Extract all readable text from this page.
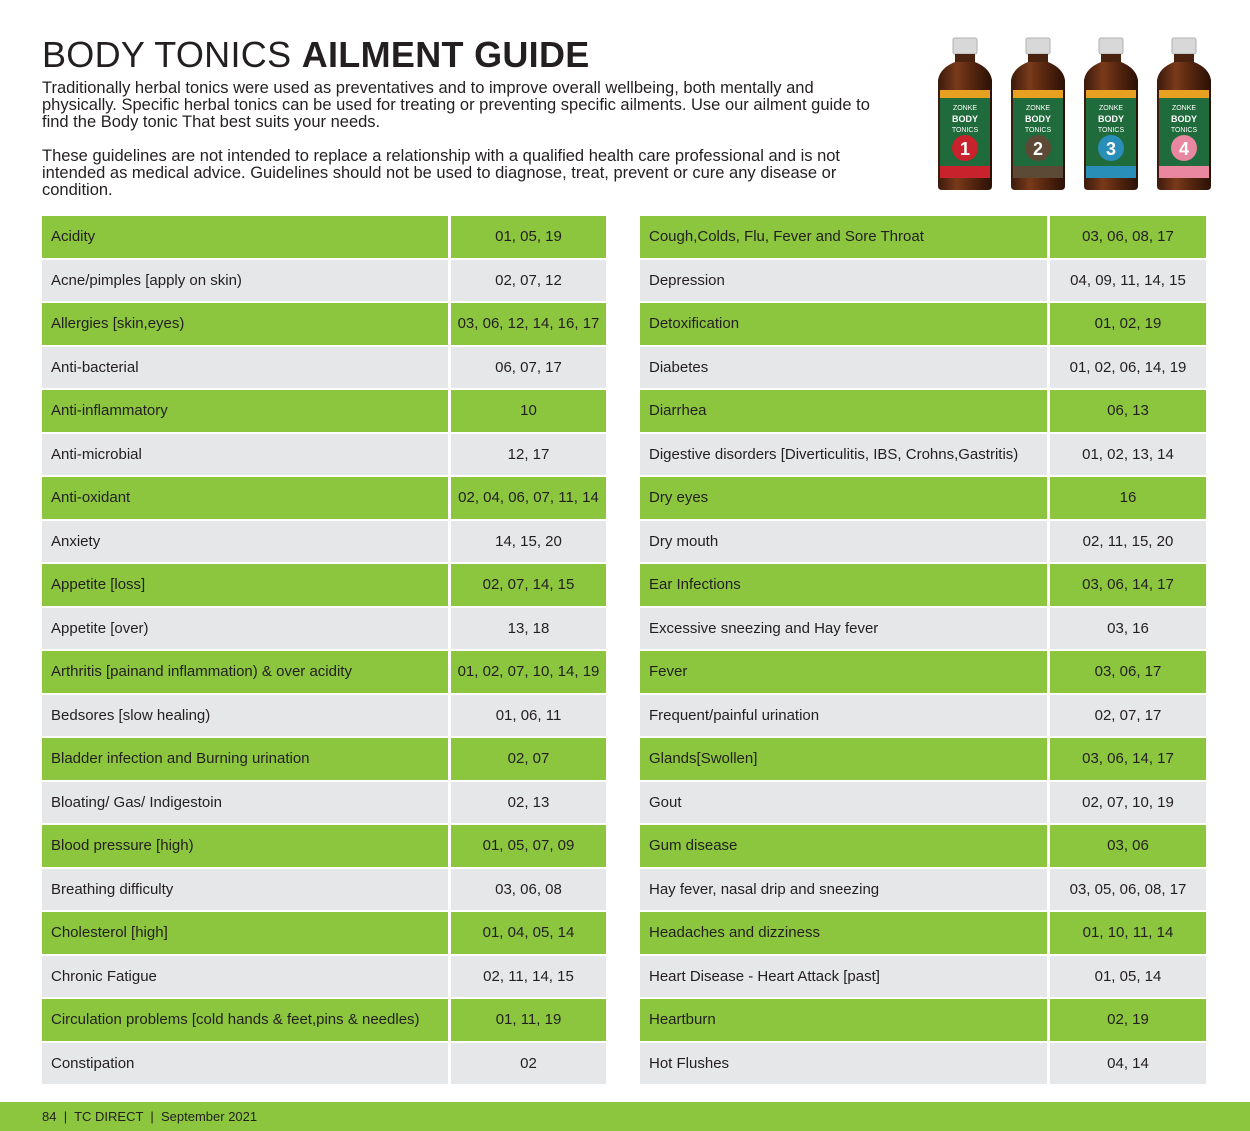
BODY TONICS AILMENT GUIDE

Traditionally herbal tonics were used as preventatives and to improve overall wellbeing, both mentally and physically. Specific herbal tonics can be used for treating or preventing specific ailments. Use our ailment guide to find the Body tonic That best suits your needs.

These guidelines are not intended to replace a relationship with a qualified health care professional and is not intended as medical advice. Guidelines should not be used to diagnose, treat, prevent or cure any disease or condition.

ZONKE
BODY
TONICS
1
ZONKE
BODY
TONICS
2
ZONKE
BODY
TONICS
3
ZONKE
BODY
TONICS
4
Acidity	01, 05, 19
Acne/pimples [apply on skin)	02, 07, 12
Allergies [skin,eyes)	03, 06, 12, 14, 16, 17
Anti-bacterial	06, 07, 17
Anti-inflammatory	10
Anti-microbial	12, 17
Anti-oxidant	02, 04, 06, 07, 11, 14
Anxiety	14, 15, 20
Appetite [loss]	02, 07, 14, 15
Appetite [over)	13, 18
Arthritis [painand inflammation) & over acidity	01, 02, 07, 10, 14, 19
Bedsores [slow healing)	01, 06, 11
Bladder infection and Burning urination	02, 07
Bloating/ Gas/ Indigestoin	02, 13
Blood pressure [high)	01, 05, 07, 09
Breathing difficulty	03, 06, 08
Cholesterol [high]	01, 04, 05, 14
Chronic Fatigue	02, 11, 14, 15
Circulation problems [cold hands & feet,pins & needles)	01, 11, 19
Constipation	02
Cough,Colds, Flu, Fever and Sore Throat	03, 06, 08, 17
Depression	04, 09, 11, 14, 15
Detoxification	01, 02, 19
Diabetes	01, 02, 06, 14, 19
Diarrhea	06, 13
Digestive disorders [Diverticulitis, IBS, Crohns,Gastritis)	01, 02, 13, 14
Dry eyes	16
Dry mouth	02, 11, 15, 20
Ear Infections	03, 06, 14, 17
Excessive sneezing and Hay fever	03, 16
Fever	03, 06, 17
Frequent/painful urination	02, 07, 17
Glands[Swollen]	03, 06, 14, 17
Gout	02, 07, 10, 19
Gum disease	03, 06
Hay fever, nasal drip and sneezing	03, 05, 06, 08, 17
Headaches and dizziness	01, 10, 11, 14
Heart Disease - Heart Attack [past]	01, 05, 14
Heartburn	02, 19
Hot Flushes	04, 14
84  |  TC DIRECT  |  September 2021
